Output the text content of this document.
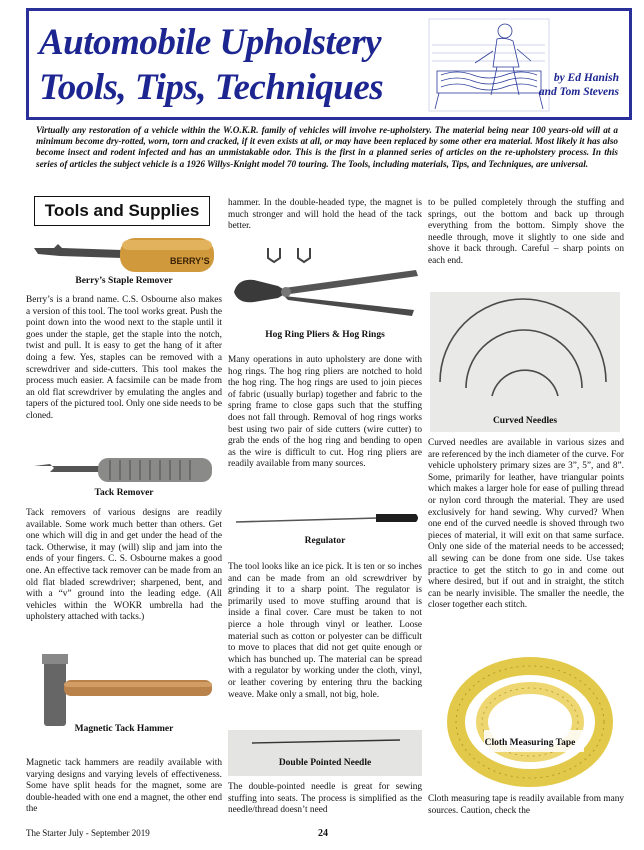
Automobile Upholstery
Tools, Tips, Techniques	by Ed Hanish
and Tom Stevens
Virtually any restoration of a vehicle within the W.O.K.R. family of vehicles will involve re-upholstery. The material being near 100 years-old will at a minimum become dry-rotted, worn, torn and cracked, if it even exists at all, or may have been replaced by some other era material. Most likely it has also become insect and rodent infected and has an unmistakable odor. This is the first in a planned series of articles on the re-upholstery process. In this series of articles the subject vehicle is a 1926 Willys-Knight model 70 touring. The Tools, including materials, Tips, and Techniques, are universal.
Tools and Supplies
BERRY’S
Berry’s Staple Remover

Berry’s is a brand name. C.S. Osbourne also makes a version of this tool. The tool works great. Push the point down into the wood next to the staple until it goes under the staple, get the staple into the notch, twist and pull. It is easy to get the hang of it after doing a few. Yes, staples can be removed with a screwdriver and side-cutters. This tool makes the process much easier. A facsimile can be made from an old flat screwdriver by emulating the angles and tapers of the pictured tool. Only one side needs to be cloned.

Tack Remover

Tack removers of various designs are readily available. Some work much better than others. Get one which will dig in and get under the head of the tack. Otherwise, it may (will) slip and jam into the ends of your fingers. C. S. Osbourne makes a good one. An effective tack remover can be made from an old flat bladed screwdriver; sharpened, bent, and with a “v” ground into the leading edge. (All vehicles within the WOKR umbrella had the upholstery attached with tacks.)

Magnetic Tack Hammer

Magnetic tack hammers are readily available with varying designs and varying levels of effectiveness. Some have split heads for the magnet, some are double-headed with one end a magnet, the other end the

hammer. In the double-headed type, the magnet is much stronger and will hold the head of the tack better.

Hog Ring Pliers & Hog Rings

Many operations in auto upholstery are done with hog rings. The hog ring pliers are notched to hold the hog ring. The hog rings are used to join pieces of fabric (usually burlap) together and fabric to the spring frame to close gaps such that the stuffing does not fall through. Removal of hog rings works best using two pair of side cutters (wire cutter) to grab the ends of the hog ring and bending to open as the wire is difficult to cut. Hog ring pliers are readily available from many sources.

Regulator

The tool looks like an ice pick. It is ten or so inches and can be made from an old screwdriver by grinding it to a sharp point. The regulator is primarily used to move stuffing around that is inside a final cover. Care must be taken to not pierce a hole through vinyl or leather. Loose material such as cotton or polyester can be difficult to move to places that did not get quite enough or which has bunched up. The material can be spread with a regulator by working under the cloth, vinyl, or leather covering by entering thru the backing weave. Make only a small, not big, hole.

Double Pointed Needle

The double-pointed needle is great for sewing stuffing into seats. The process is simplified as the needle/thread doesn’t need

to be pulled completely through the stuffing and springs, out the bottom and back up through everything from the bottom. Simply shove the needle through, move it slightly to one side and shove it back through. Careful – sharp points on each end.

Curved Needles

Curved needles are available in various sizes and are referenced by the inch diameter of the curve. For vehicle upholstery primary sizes are 3”, 5”, and 8”. Some, primarily for leather, have triangular points which makes a larger hole for ease of pulling thread or nylon cord through the material. They are used exclusively for hand sewing. Why curved? When one end of the curved needle is shoved through two pieces of material, it will exit on that same surface. Only one side of the material needs to be accessed; all sewing can be done from one side. Use takes practice to get the stitch to go in and come out where desired, but if out and in straight, the stitch can be nearly invisible. The smaller the needle, the closer together each stitch.

Cloth Measuring Tape

Cloth measuring tape is readily available from many sources. Caution, check the

The Starter July - September 2019	24
